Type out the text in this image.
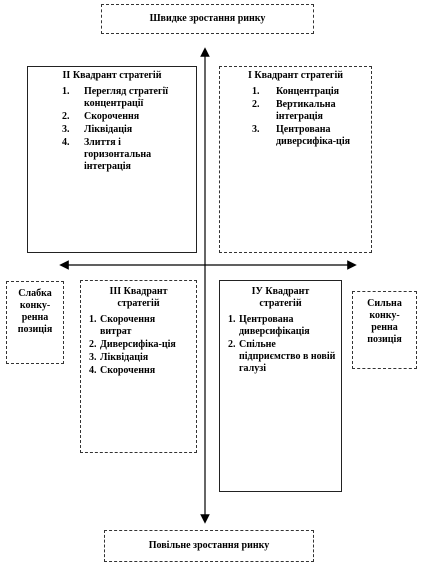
Швидке зростання ринку
ІІ Квадрант стратегій
1.	Перегляд стратегії концентрації
2.	Скорочення
3.	Ліквідація
4.	Злиття і горизонтальна інтеграція
І Квадрант стратегій
1.	Концентрація
2.	Вертикальна інтеграція
3.	Центрована диверсифіка-ція
Слабка конку-ренна позиція
ІІІ Квадрант стратегій
1. Скорочення витрат
2. Диверсифіка-ція
3. Ліквідація
4. Скорочення
ІУ Квадрант стратегій
1. Центрована диверсифікація
2. Спільне підприємство в новій галузі
Сильна конку-ренна позиція
Повільне зростання ринку
